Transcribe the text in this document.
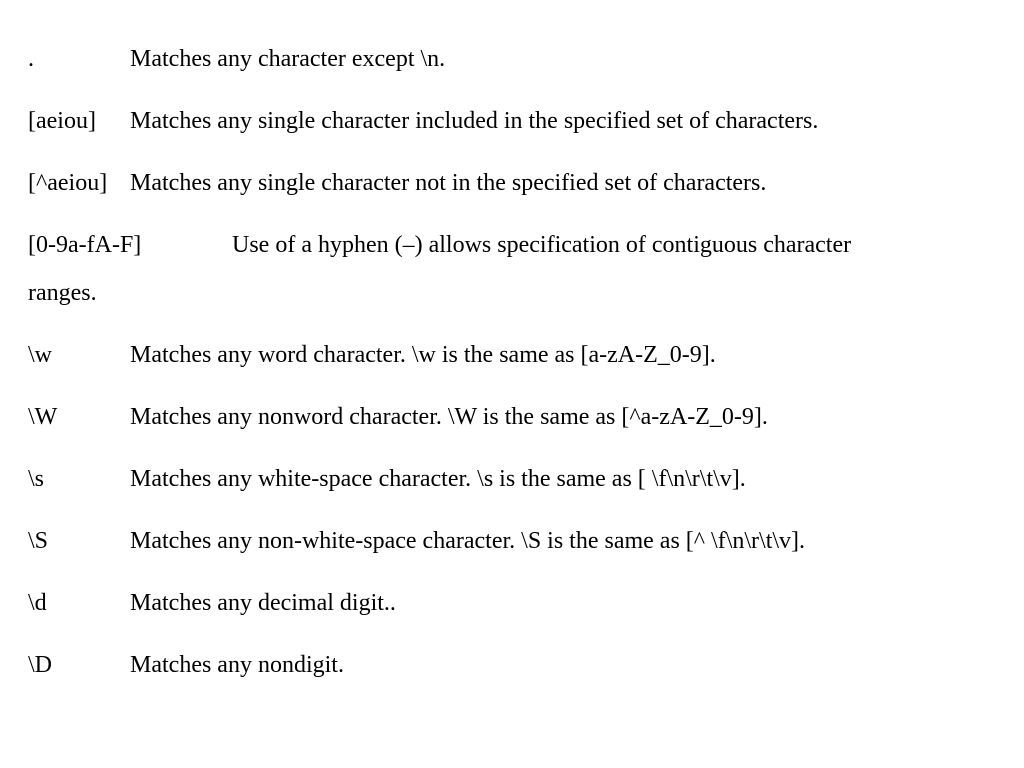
.	Matches any character except \n.
[aeiou] Matches any single character included in the specified set of characters.
[^aeiou] Matches any single character not in the specified set of characters.
[0-9a-fA-F]	Use of a hyphen (–) allows specification of contiguous character
ranges.
\w	Matches any word character. \w is the same as [a-zA-Z_0-9].
\W	Matches any nonword character. \W is the same as [^a-zA-Z_0-9].
\s	Matches any white-space character. \s is the same as [ \f\n\r\t\v].
\S	Matches any non-white-space character. \S is the same as [^ \f\n\r\t\v].
\d	Matches any decimal digit..
\D	Matches any nondigit.
